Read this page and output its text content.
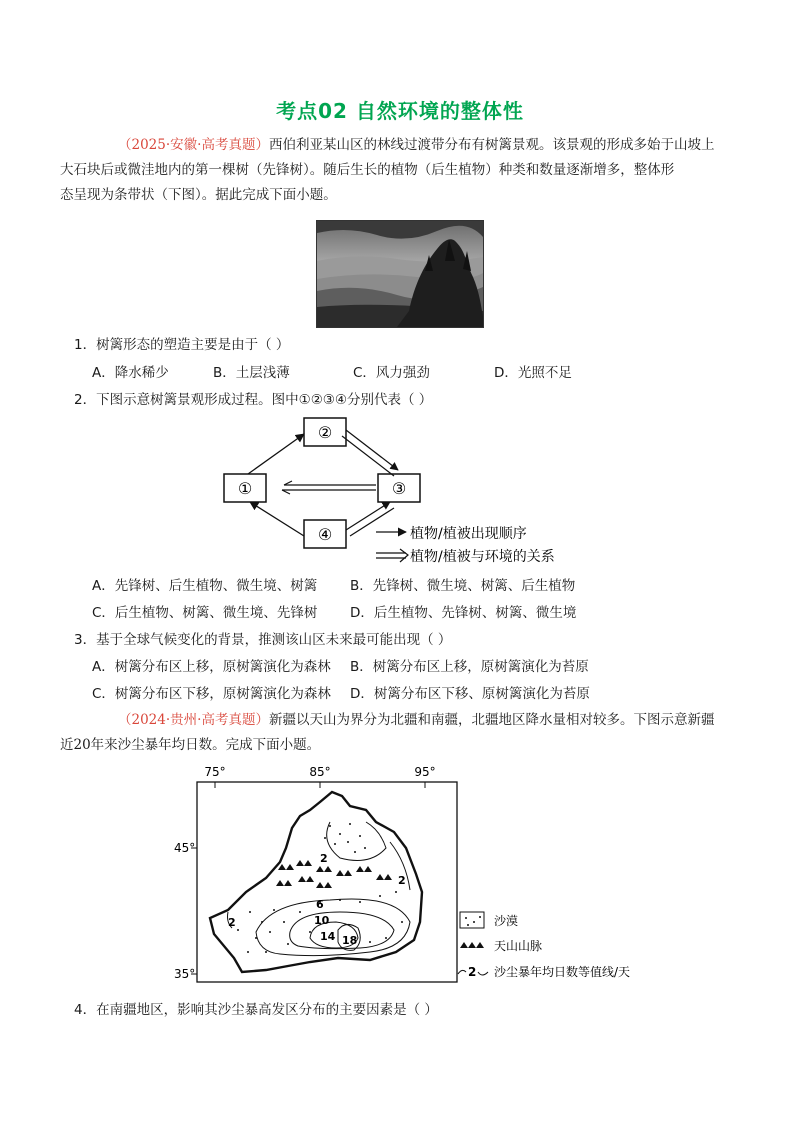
考点02 自然环境的整体性
（2025·安徽·高考真题）西伯利亚某山区的林线过渡带分布有树篱景观。该景观的形成多始于山坡上
大石块后或微洼地内的第一棵树（先锋树）。随后生长的植物（后生植物）种类和数量逐渐增多，整体形
态呈现为条带状（下图）。据此完成下面小题。
1．树篱形态的塑造主要是由于（ ）
A．降水稀少	B．土层浅薄	C．风力强劲	D．光照不足
2．下图示意树篱景观形成过程。图中①②③④分别代表（ ）
①
②
③
④	植物/植被出现顺序
植物/植被与环境的关系
A．先锋树、后生植物、微生境、树篱 B．先锋树、微生境、树篱、后生植物
C．后生植物、树篱、微生境、先锋树 D．后生植物、先锋树、树篱、微生境
3．基于全球气候变化的背景，推测该山区未来最可能出现（ ）
A．树篱分布区上移，原树篱演化为森林 B．树篱分布区上移，原树篱演化为苔原
C．树篱分布区下移，原树篱演化为森林 D．树篱分布区下移、原树篱演化为苔原
（2024·贵州·高考真题）新疆以天山为界分为北疆和南疆，北疆地区降水量相对较多。下图示意新疆
近20年来沙尘暴年均日数。完成下面小题。
75°	85°	95°
45°
35°
2
2
2
6
10
14 18
沙漠
天山山脉
2 沙尘暴年均日数等值线/天
4．在南疆地区，影响其沙尘暴高发区分布的主要因素是（ ）
